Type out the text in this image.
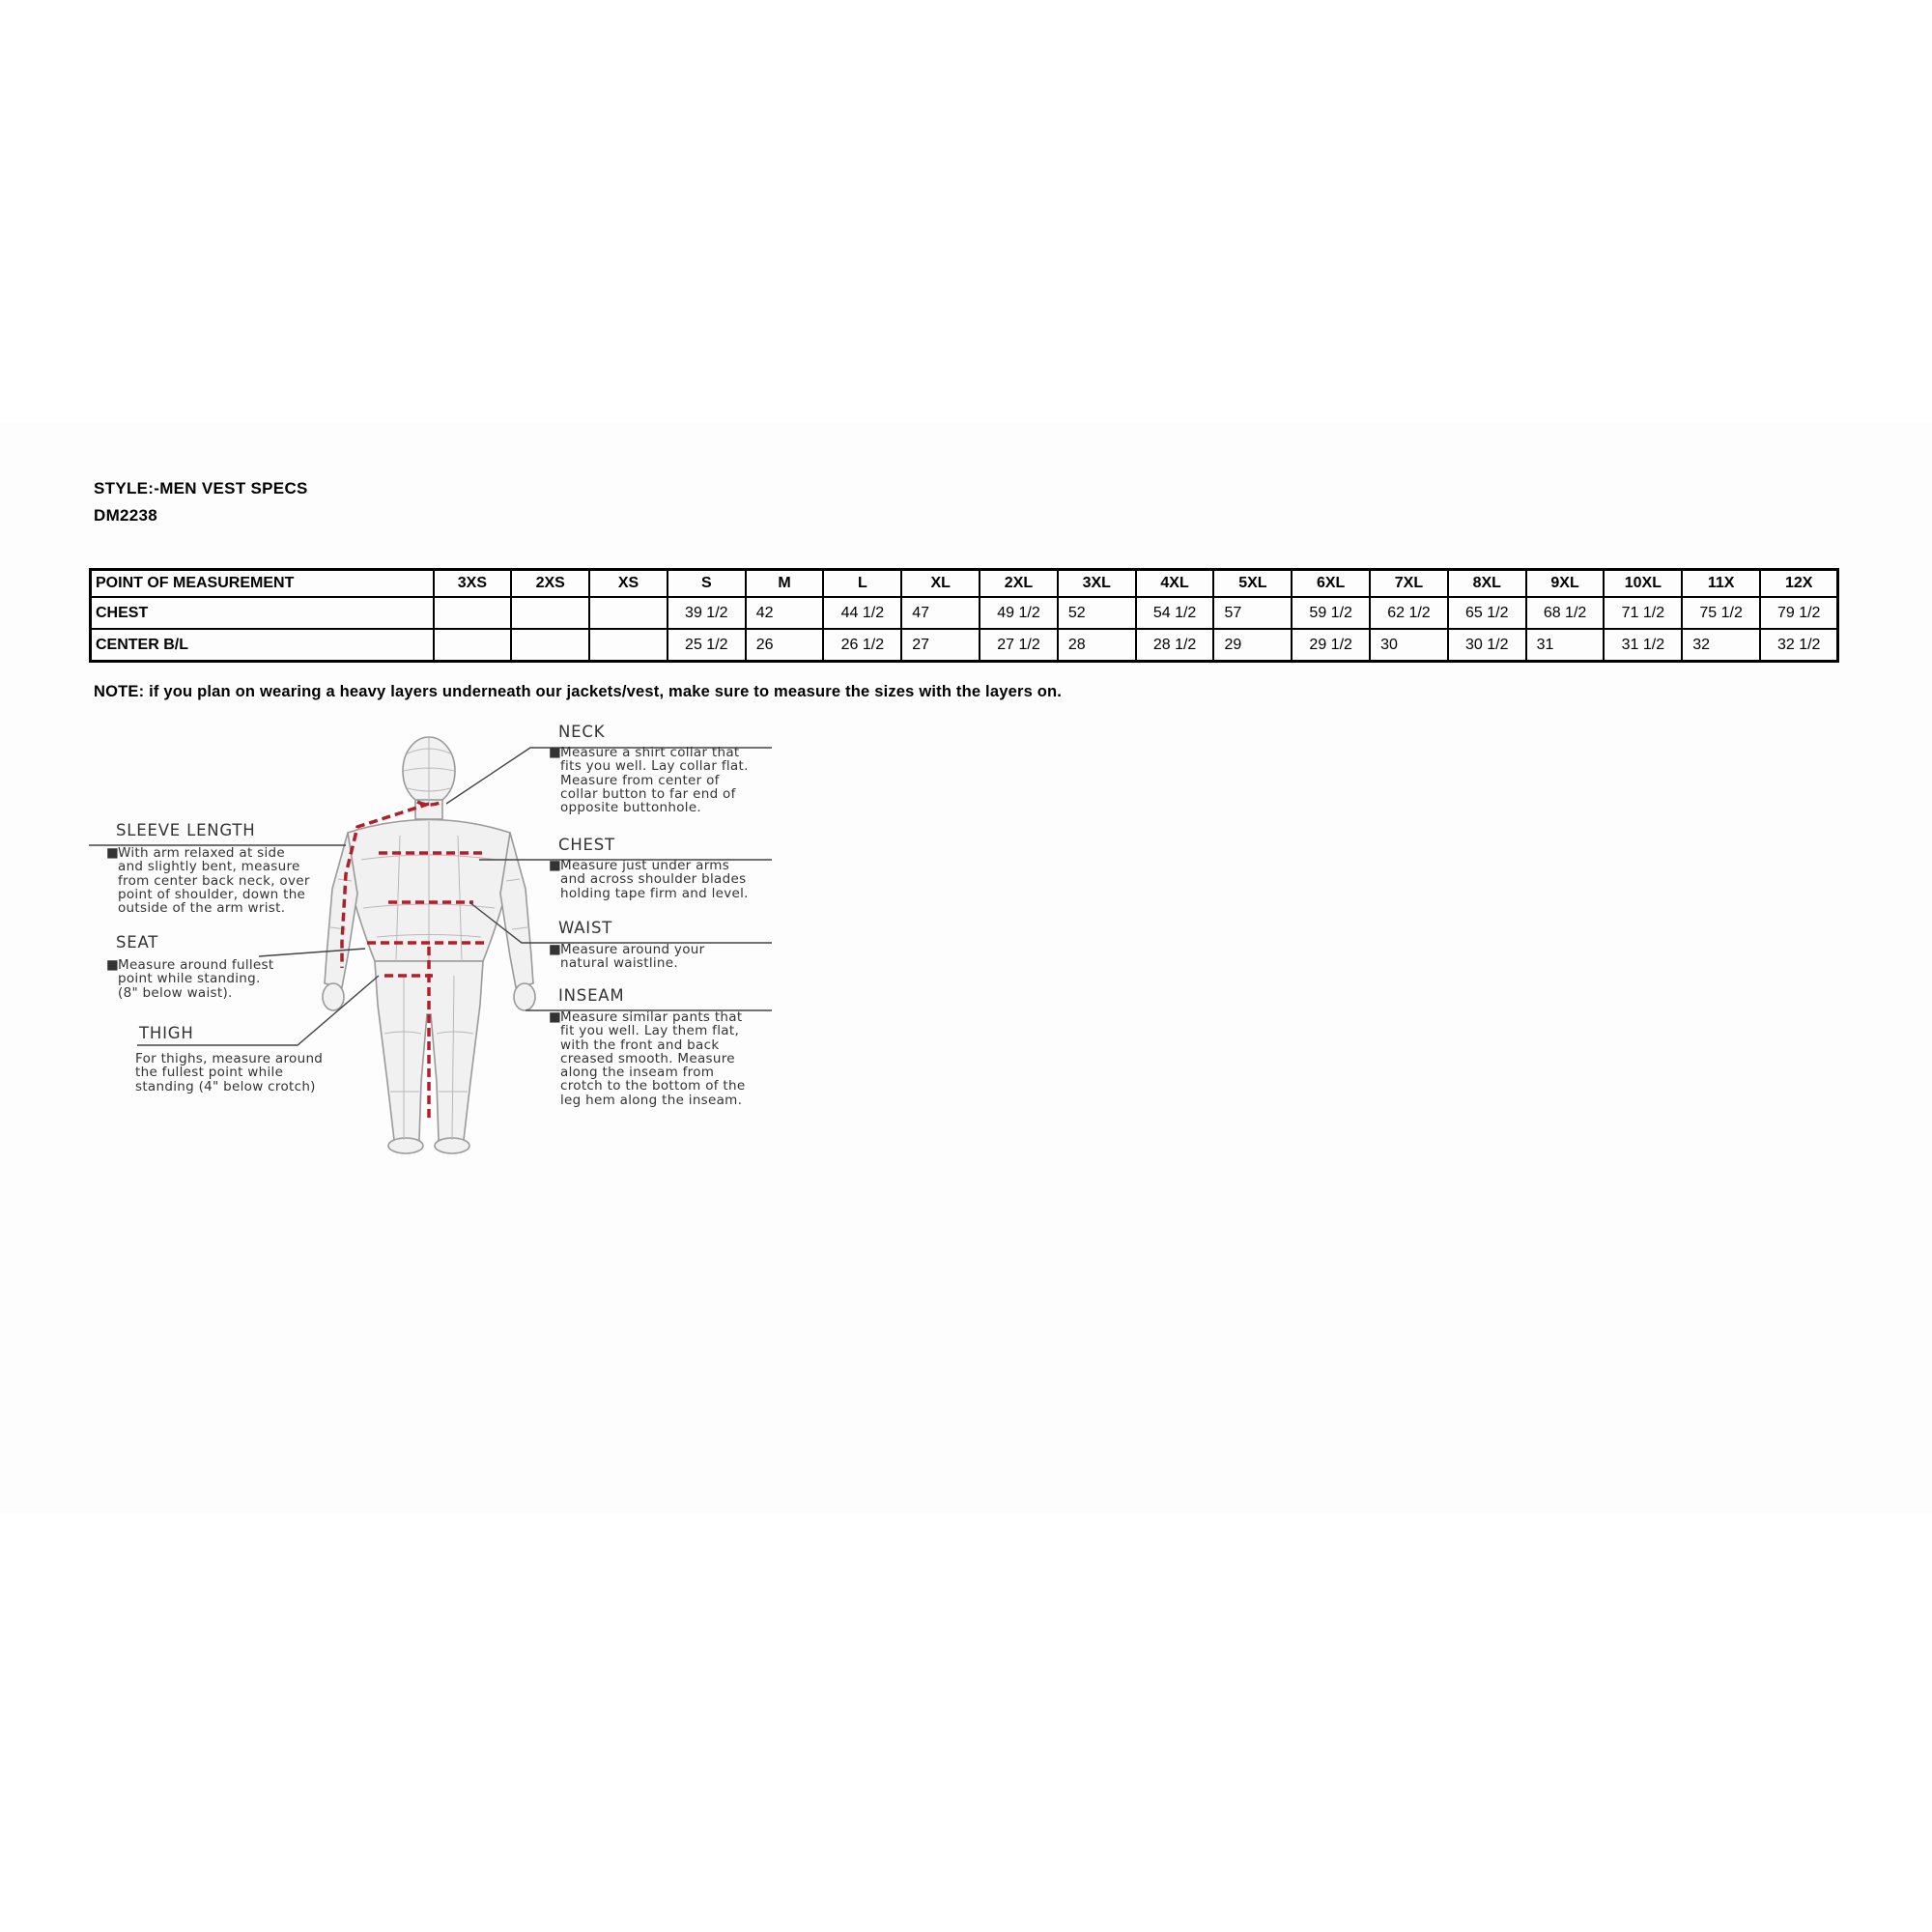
STYLE:-MEN VEST SPECS
DM2238
POINT OF MEASUREMENT	3XS	2XS	XS	S	M	L	XL	2XL	3XL	4XL	5XL	6XL	7XL	8XL	9XL	10XL	11X	12X
CHEST				39 1/2	42	44 1/2	47	49 1/2	52	54 1/2	57	59 1/2	62 1/2	65 1/2	68 1/2	71 1/2	75 1/2	79 1/2
CENTER B/L				25 1/2	26	26 1/2	27	27 1/2	28	28 1/2	29	29 1/2	30	30 1/2	31	31 1/2	32	32 1/2
NOTE: if you plan on wearing a heavy layers underneath our jackets/vest, make sure to measure the sizes with the layers on.
NECK
■
Measure a shirt collar that
fits you well. Lay collar flat.
Measure from center of
collar button to far end of
opposite buttonhole.
CHEST
■
Measure just under arms
and across shoulder blades
holding tape firm and level.
WAIST
■
Measure around your
natural waistline.
INSEAM
■
Measure similar pants that
fit you well. Lay them flat,
with the front and back
creased smooth. Measure
along the inseam from
crotch to the bottom of the
leg hem along the inseam.
SLEEVE LENGTH
■
With arm relaxed at side
and slightly bent, measure
from center back neck, over
point of shoulder, down the
outside of the arm wrist.
SEAT
■
Measure around fullest
point while standing.
(8" below waist).
THIGH
For thighs, measure around
the fullest point while
standing (4" below crotch)
